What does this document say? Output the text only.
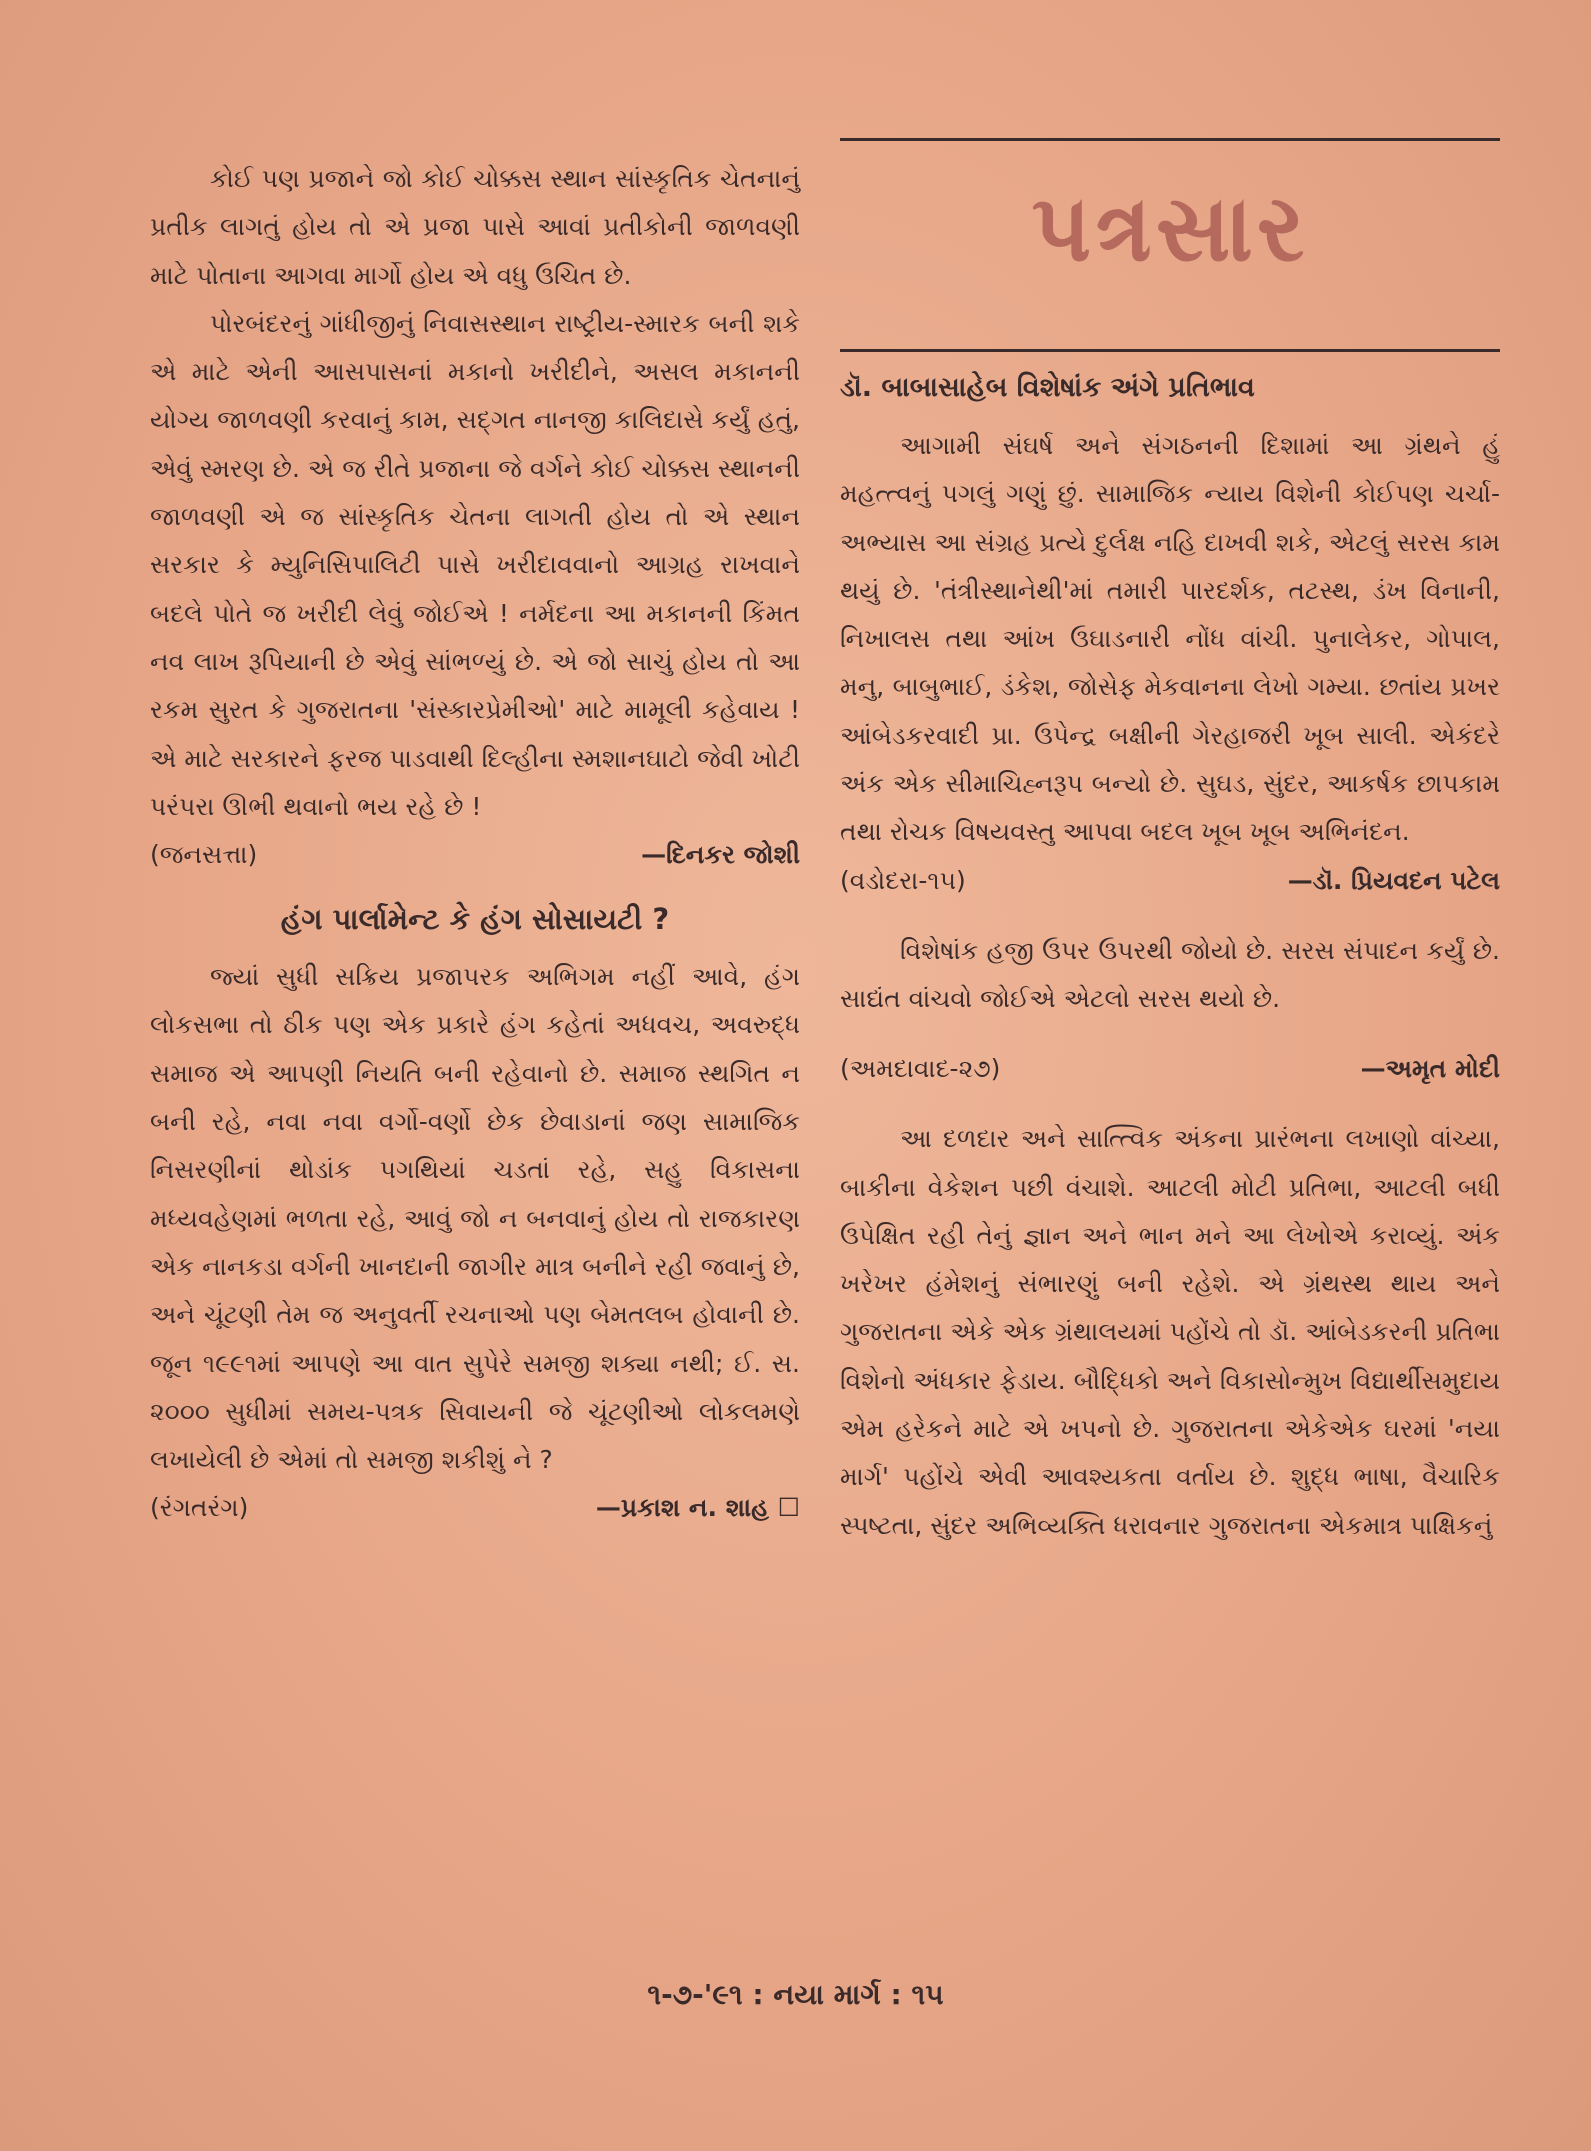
કોઈ પણ પ્રજાને જો કોઈ ચોક્કસ સ્થાન સાંસ્કૃતિક ચેતનાનું પ્રતીક લાગતું હોય તો એ પ્રજા પાસે આવાં પ્રતીકોની જાળવણી માટે પોતાના આગવા માર્ગો હોય એ વધુ ઉચિત છે.

પોરબંદરનું ગાંધીજીનું નિવાસસ્થાન રાષ્ટ્રીય-સ્મારક બની શકે એ માટે એની આસપાસનાં મકાનો ખરીદીને, અસલ મકાનની યોગ્ય જાળવણી કરવાનું કામ, સદ્ગત નાનજી કાલિદાસે કર્યું હતું, એવું સ્મરણ છે. એ જ રીતે પ્રજાના જે વર્ગને કોઈ ચોક્કસ સ્થાનની જાળવણી એ જ સાંસ્કૃતિક ચેતના લાગતી હોય તો એ સ્થાન સરકાર કે મ્યુનિસિપાલિટી પાસે ખરીદાવવાનો આગ્રહ રાખવાને બદલે પોતે જ ખરીદી લેવું જોઈએ ! નર્મદના આ મકાનની કિંમત નવ લાખ રૂપિયાની છે એવું સાંભળ્યું છે. એ જો સાચું હોય તો આ રકમ સુરત કે ગુજરાતના 'સંસ્કારપ્રેમીઓ' માટે મામૂલી કહેવાય ! એ માટે સરકારને ફરજ પાડવાથી દિલ્હીના સ્મશાનઘાટો જેવી ખોટી પરંપરા ઊભી થવાનો ભય રહે છે !

(જનસત્તા)	—દિનકર જોશી
હંગ પાર્લામેન્ટ કે હંગ સોસાયટી ?

જ્યાં સુધી સક્રિય પ્રજાપરક અભિગમ નહીં આવે, હંગ લોકસભા તો ઠીક પણ એક પ્રકારે હંગ કહેતાં અધવચ, અવરુદ્ધ સમાજ એ આપણી નિયતિ બની રહેવાનો છે. સમાજ સ્થગિત ન બની રહે, નવા નવા વર્ગો-વર્ણો છેક છેવાડાનાં જણ સામાજિક નિસરણીનાં થોડાંક પગથિયાં ચડતાં રહે, સહુ વિકાસના મધ્યવહેણમાં ભળતા રહે, આવું જો ન બનવાનું હોય તો રાજકારણ એક નાનકડા વર્ગની ખાનદાની જાગીર માત્ર બનીને રહી જવાનું છે, અને ચૂંટણી તેમ જ અનુવર્તી રચનાઓ પણ બેમતલબ હોવાની છે. જૂન ૧૯૯૧માં આપણે આ વાત સુપેરે સમજી શક્યા નથી; ઈ. સ. ૨૦૦૦ સુધીમાં સમય-પત્રક સિવાયની જે ચૂંટણીઓ લોકલમણે લખાયેલી છે એમાં તો સમજી શકીશું ને ?

(રંગતરંગ)	—પ્રકાશ ન. શાહ ☐
પત્રસાર
ડૉ. બાબાસાહેબ વિશેષાંક અંગે પ્રતિભાવ

આગામી સંઘર્ષ અને સંગઠનની દિશામાં આ ગ્રંથને હું મહત્ત્વનું પગલું ગણું છું. સામાજિક ન્યાય વિશેની કોઈપણ ચર્ચા-અભ્યાસ આ સંગ્રહ પ્રત્યે દુર્લક્ષ નહિ દાખવી શકે, એટલું સરસ કામ થયું છે. 'તંત્રીસ્થાનેથી'માં તમારી પારદર્શક, તટસ્થ, ડંખ વિનાની, નિખાલસ તથા આંખ ઉઘાડનારી નોંધ વાંચી. પુનાલેકર, ગોપાલ, મનુ, બાબુભાઈ, ડંકેશ, જોસેફ મેકવાનના લેખો ગમ્યા. છતાંય પ્રખર આંબેડકરવાદી પ્રા. ઉપેન્દ્ર બક્ષીની ગેરહાજરી ખૂબ સાલી. એકંદરે અંક એક સીમાચિહ્નરૂપ બન્યો છે. સુઘડ, સુંદર, આકર્ષક છાપકામ તથા રોચક વિષયવસ્તુ આપવા બદલ ખૂબ ખૂબ અભિનંદન.

(વડોદરા-૧૫)	—ડૉ. પ્રિયવદન પટેલ

વિશેષાંક હજી ઉપર ઉપરથી જોયો છે. સરસ સંપાદન કર્યું છે. સાદ્યંત વાંચવો જોઈએ એટલો સરસ થયો છે.

(અમદાવાદ-૨૭)	—અમૃત મોદી

આ દળદાર અને સાત્ત્વિક અંકના પ્રારંભના લખાણો વાંચ્યા, બાકીના વેકેશન પછી વંચાશે. આટલી મોટી પ્રતિભા, આટલી બધી ઉપેક્ષિત રહી તેનું જ્ઞાન અને ભાન મને આ લેખોએ કરાવ્યું. અંક ખરેખર હંમેશનું સંભારણું બની રહેશે. એ ગ્રંથસ્થ થાય અને ગુજરાતના એકે એક ગ્રંથાલયમાં પહોંચે તો ડૉ. આંબેડકરની પ્રતિભા વિશેનો અંધકાર ફેડાય. બૌદ્ધિકો અને વિકાસોન્મુખ વિદ્યાર્થીસમુદાય એમ હરેકને માટે એ ખપનો છે. ગુજરાતના એકેએક ઘરમાં 'નયા માર્ગ' પહોંચે એવી આવશ્યકતા વર્તાય છે. શુદ્ધ ભાષા, વૈચારિક સ્પષ્ટતા, સુંદર અભિવ્યક્તિ ધરાવનાર ગુજરાતના એકમાત્ર પાક્ષિકનું

૧-૭-'૯૧ : નયા માર્ગ : ૧૫
